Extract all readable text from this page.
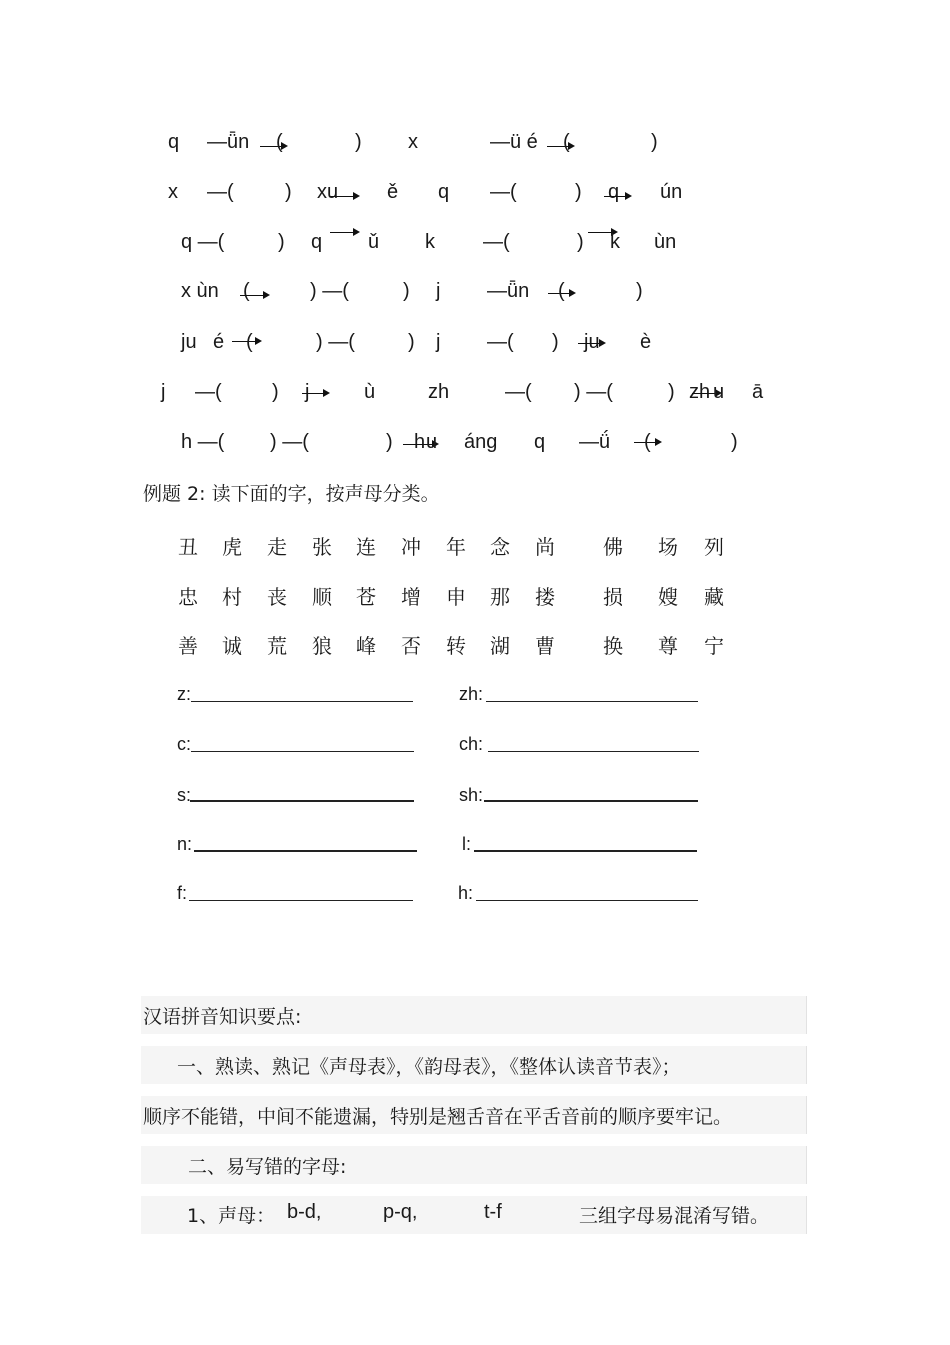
q —ǖn (	) x	—ü é (	)
x —(	) xu ě q —(	) q ún
q —(	) q ǔ k —(	) k ùn
x ùn (	) —(	) j —ǖn (	)
ju é (	) —(	) j —( ) ju è
j —(	) j	ù	zh	—( ) —(	) zh u ā
h —( ) —(	) h u áng q —ǘ (	)
例题 2: 读下面的字，按声母分类。
丑 虎 走 张 连 冲 年 念 尚 佛 场 列
忠 村 丧 顺 苍 增 申 那 搂 损 嫂 藏
善 诚 荒 狼 峰 否 转 湖 曹 换 尊 宁
z:	zh:
c:	ch:
s:	sh:
n:	l:
f:	h:
汉语拼音知识要点:
一、熟读、熟记《声母表》，《韵母表》，《整体认读音节表》；
顺序不能错，中间不能遗漏，特别是翘舌音在平舌音前的顺序要牢记。
二、易写错的字母:
1、声母： b-d,	p-q,	t-f	三组字母易混淆写错。
